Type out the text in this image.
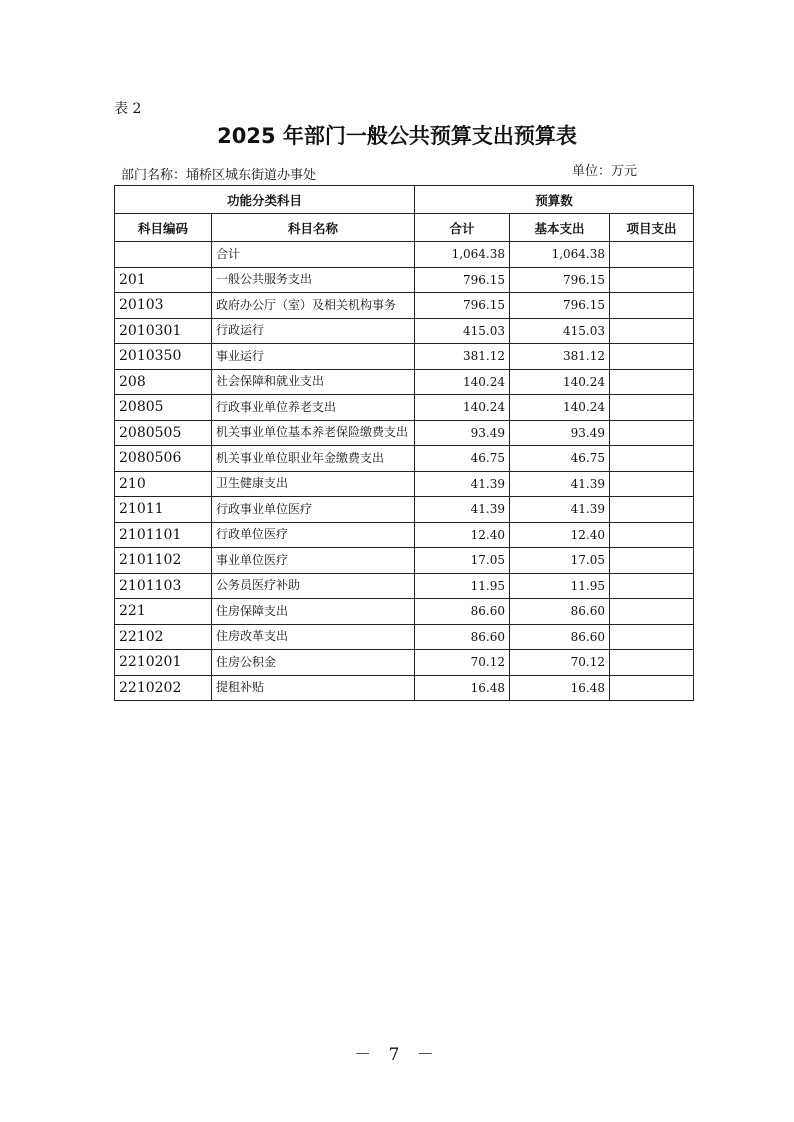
表 2
2025 年部门一般公共预算支出预算表
部门名称：埇桥区城东街道办事处	单位：万元
功能分类科目		预算数		
科目编码	科目名称	合计	基本支出	项目支出
	合计	1,064.38	1,064.38	
201	一般公共服务支出	796.15	796.15	
20103	政府办公厅（室）及相关机构事务	796.15	796.15	
2010301	行政运行	415.03	415.03	
2010350	事业运行	381.12	381.12	
208	社会保障和就业支出	140.24	140.24	
20805	行政事业单位养老支出	140.24	140.24	
2080505	机关事业单位基本养老保险缴费支出	93.49	93.49	
2080506	机关事业单位职业年金缴费支出	46.75	46.75	
210	卫生健康支出	41.39	41.39	
21011	行政事业单位医疗	41.39	41.39	
2101101	行政单位医疗	12.40	12.40	
2101102	事业单位医疗	17.05	17.05	
2101103	公务员医疗补助	11.95	11.95	
221	住房保障支出	86.60	86.60	
22102	住房改革支出	86.60	86.60	
2210201	住房公积金	70.12	70.12	
2210202	提租补贴	16.48	16.48	
－ 7 －
